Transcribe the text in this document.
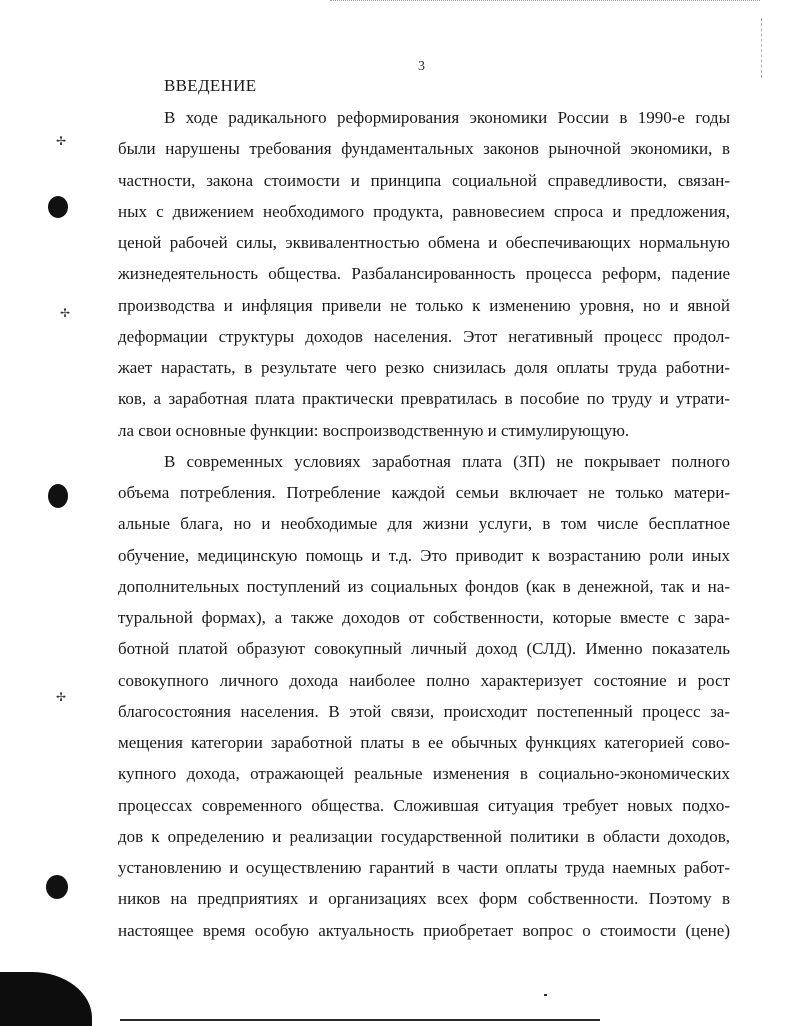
✢
✢
✢
3
ВВЕДЕНИЕ
В ходе радикального реформирования экономики России в 1990-е годы
были нарушены требования фундаментальных законов рыночной экономики, в
частности, закона стоимости и принципа социальной справедливости, связан-
ных с движением необходимого продукта, равновесием спроса и предложения,
ценой рабочей силы, эквивалентностью обмена и обеспечивающих нормальную
жизнедеятельность общества. Разбалансированность процесса реформ, падение
производства и инфляция привели не только к изменению уровня, но и явной
деформации структуры доходов населения. Этот негативный процесс продол-
жает нарастать, в результате чего резко снизилась доля оплаты труда работни-
ков, а заработная плата практически превратилась в пособие по труду и утрати-
ла свои основные функции: воспроизводственную и стимулирующую.
В современных условиях заработная плата (ЗП) не покрывает полного
объема потребления. Потребление каждой семьи включает не только матери-
альные блага, но и необходимые для жизни услуги, в том числе бесплатное
обучение, медицинскую помощь и т.д. Это приводит к возрастанию роли иных
дополнительных поступлений из социальных фондов (как в денежной, так и на-
туральной формах), а также доходов от собственности, которые вместе с зара-
ботной платой образуют совокупный личный доход (СЛД). Именно показатель
совокупного личного дохода наиболее полно характеризует состояние и рост
благосостояния населения. В этой связи, происходит постепенный процесс за-
мещения категории заработной платы в ее обычных функциях категорией сово-
купного дохода, отражающей реальные изменения в социально-экономических
процессах современного общества. Сложившая ситуация требует новых подхо-
дов к определению и реализации государственной политики в области доходов,
установлению и осуществлению гарантий в части оплаты труда наемных работ-
ников на предприятиях и организациях всех форм собственности. Поэтому в
настоящее время особую актуальность приобретает вопрос о стоимости (цене)
